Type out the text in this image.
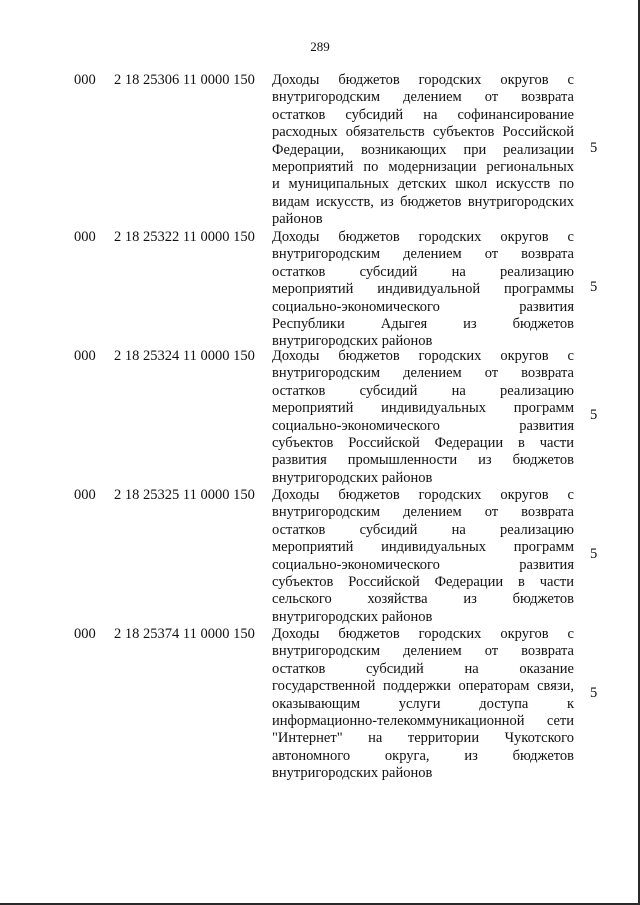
289
000 2 18 25306 11 0000 150 Доходы бюджетов городских округов с
внутригородским делением от возврата
остатков субсидий на софинансирование
расходных обязательств субъектов Российской
Федерации, возникающих при реализации
мероприятий по модернизации региональных
и муниципальных детских школ искусств по
видам искусств, из бюджетов внутригородских
районов
5
000 2 18 25322 11 0000 150 Доходы бюджетов городских округов с
внутригородским делением от возврата
остатков субсидий на реализацию
мероприятий индивидуальной программы
социально-экономического развития
Республики Адыгея из бюджетов
внутригородских районов
5
000 2 18 25324 11 0000 150 Доходы бюджетов городских округов с
внутригородским делением от возврата
остатков субсидий на реализацию
мероприятий индивидуальных программ
социально-экономического развития
субъектов Российской Федерации в части
развития промышленности из бюджетов
внутригородских районов
5
000 2 18 25325 11 0000 150 Доходы бюджетов городских округов с
внутригородским делением от возврата
остатков субсидий на реализацию
мероприятий индивидуальных программ
социально-экономического развития
субъектов Российской Федерации в части
сельского хозяйства из бюджетов
внутригородских районов
5
000 2 18 25374 11 0000 150 Доходы бюджетов городских округов с
внутригородским делением от возврата
остатков субсидий на оказание
государственной поддержки операторам связи,
оказывающим услуги доступа к
информационно-телекоммуникационной сети
"Интернет" на территории Чукотского
автономного округа, из бюджетов
внутригородских районов
5
